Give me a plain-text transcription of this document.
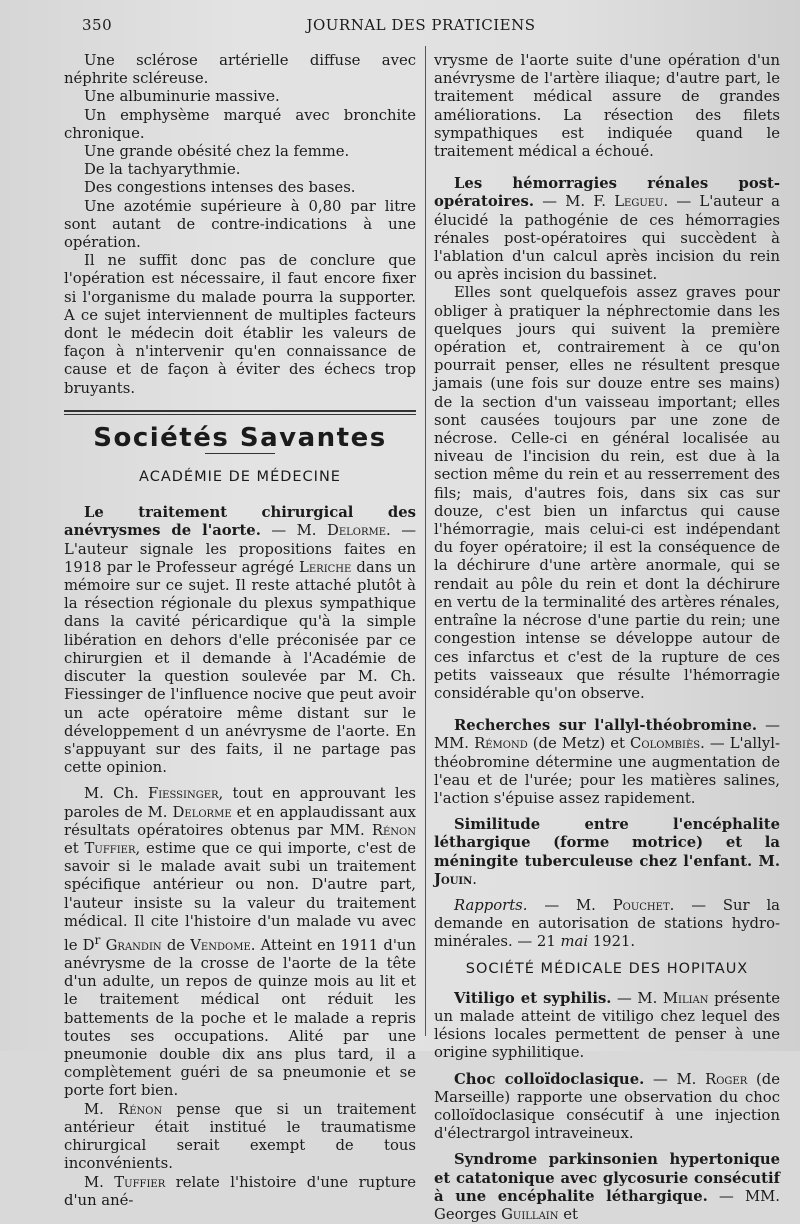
350	JOURNAL DES PRATICIENS

Une sclérose artérielle diffuse avec néphrite scléreuse.

Une albuminurie massive.

Un emphysème marqué avec bronchite chronique.

Une grande obésité chez la femme.

De la tachyarythmie.

Des congestions intenses des bases.

Une azotémie supérieure à 0,80 par litre sont autant de contre-indications à une opération.

Il ne suffit donc pas de conclure que l'opération est nécessaire, il faut encore fixer si l'organisme du malade pourra la supporter. A ce sujet interviennent de multiples facteurs dont le médecin doit établir les valeurs de façon à n'intervenir qu'en connaissance de cause et de façon à éviter des échecs trop bruyants.

Sociétés Savantes
ACADÉMIE DE MÉDECINE

Le traitement chirurgical des anévrysmes de l'aorte. — M. Delorme. — L'auteur signale les propositions faites en 1918 par le Professeur agrégé Leriche dans un mémoire sur ce sujet. Il reste attaché plutôt à la résection régionale du plexus sympathique dans la cavité péricardique qu'à la simple libération en dehors d'elle préconisée par ce chirurgien et il demande à l'Académie de discuter la question soulevée par M. Ch. Fiessinger de l'influence nocive que peut avoir un acte opératoire même distant sur le développement d un anévrysme de l'aorte. En s'appuyant sur des faits, il ne partage pas cette opinion.

M. Ch. Fiessinger, tout en approuvant les paroles de M. Delorme et en applaudissant aux résultats opératoires obtenus par MM. Rénon et Tuffier, estime que ce qui importe, c'est de savoir si le malade avait subi un traitement spécifique antérieur ou non. D'autre part, l'auteur insiste su la valeur du traitement médical. Il cite l'histoire d'un malade vu avec le $D^r$ Grandin de Vendome. Atteint en 1911 d'un anévrysme de la crosse de l'aorte de la tête d'un adulte, un repos de quinze mois au lit et le traitement médical ont réduit les battements de la poche et le malade a repris toutes ses occupations. Alité par une pneumonie double dix ans plus tard, il a complètement guéri de sa pneumonie et se porte fort bien.

M. Rénon pense que si un traitement antérieur était institué le traumatisme chirurgical serait exempt de tous inconvénients.

M. Tuffier relate l'histoire d'une rupture d'un ané-

vrysme de l'aorte suite d'une opération d'un anévrysme de l'artère iliaque; d'autre part, le traitement médical assure de grandes améliorations. La résection des filets sympathiques est indiquée quand le traitement médical a échoué.

Les hémorragies rénales post-opératoires. — M. F. Legueu. — L'auteur a élucidé la pathogénie de ces hémorragies rénales post-opératoires qui succèdent à l'ablation d'un calcul après incision du rein ou après incision du bassinet.

Elles sont quelquefois assez graves pour obliger à pratiquer la néphrectomie dans les quelques jours qui suivent la première opération et, contrairement à ce qu'on pourrait penser, elles ne résultent presque jamais (une fois sur douze entre ses mains) de la section d'un vaisseau important; elles sont causées toujours par une zone de nécrose. Celle-ci en général localisée au niveau de l'incision du rein, est due à la section même du rein et au resserrement des fils; mais, d'autres fois, dans six cas sur douze, c'est bien un infarctus qui cause l'hémorragie, mais celui-ci est indépendant du foyer opératoire; il est la conséquence de la déchirure d'une artère anormale, qui se rendait au pôle du rein et dont la déchirure en vertu de la terminalité des artères rénales, entraîne la nécrose d'une partie du rein; une congestion intense se développe autour de ces infarctus et c'est de la rupture de ces petits vaisseaux que résulte l'hémorragie considérable qu'on observe.

Recherches sur l'allyl-théobromine. — MM. Rémond (de Metz) et Colombiès. — L'allyl-théobromine détermine une augmentation de l'eau et de l'urée; pour les matières salines, l'action s'épuise assez rapidement.

Similitude entre l'encéphalite léthargique (forme motrice) et la méningite tuberculeuse chez l'enfant. M. Jouin.

Rapports. — M. Pouchet. — Sur la demande en autorisation de stations hydro-minérales. — 21 mai 1921.

SOCIÉTÉ MÉDICALE DES HOPITAUX

Vitiligo et syphilis. — M. Milian présente un malade atteint de vitiligo chez lequel des lésions locales permettent de penser à une origine syphilitique.

Choc colloïdoclasique. — M. Roger (de Marseille) rapporte une observation du choc colloïdoclasique consécutif à une injection d'électrargol intraveineux.

Syndrome parkinsonien hypertonique et catatonique avec glycosurie consécutif à une encéphalite léthargique. — MM. Georges Guillain et
